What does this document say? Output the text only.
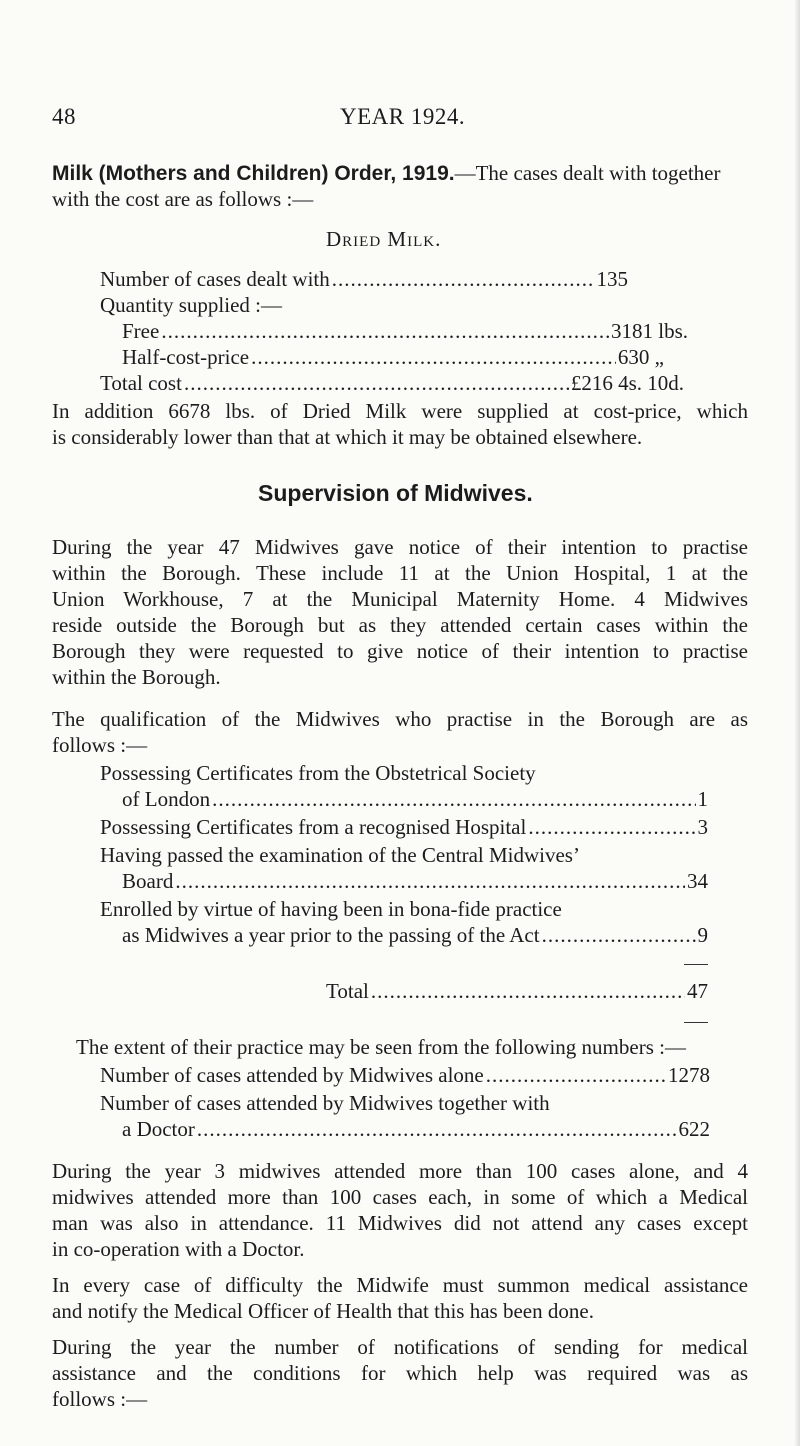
48	YEAR 1924.
Milk (Mothers and Children) Order, 1919.—The cases dealt with together
with the cost are as follows :—
Dried Milk.
Number of cases dealt with .....	135
Quantity supplied :—
Free .....	3181 lbs.
Half-cost-price .....	630 „
Total cost .....	£216 4s. 10d.
In addition 6678 lbs. of Dried Milk were supplied at cost-price, which
is considerably lower than that at which it may be obtained elsewhere.
Supervision of Midwives.
During the year 47 Midwives gave notice of their intention to practise
within the Borough. These include 11 at the Union Hospital, 1 at the
Union Workhouse, 7 at the Municipal Maternity Home. 4 Midwives
reside outside the Borough but as they attended certain cases within the
Borough they were requested to give notice of their intention to practise
within the Borough.
The qualification of the Midwives who practise in the Borough are as
follows :—
Possessing Certificates from the Obstetrical Society
of London .....	1
Possessing Certificates from a recognised Hospital .....	3
Having passed the examination of the Central Midwives’
Board .....	34
Enrolled by virtue of having been in bona-fide practice
as Midwives a year prior to the passing of the Act .....	9
Total .....	47
The extent of their practice may be seen from the following numbers :—
Number of cases attended by Midwives alone .....	1278
Number of cases attended by Midwives together with
a Doctor .....	622
During the year 3 midwives attended more than 100 cases alone, and 4
midwives attended more than 100 cases each, in some of which a Medical
man was also in attendance. 11 Midwives did not attend any cases except
in co-operation with a Doctor.
In every case of difficulty the Midwife must summon medical assistance
and notify the Medical Officer of Health that this has been done.
During the year the number of notifications of sending for medical
assistance and the conditions for which help was required was as
follows :—
